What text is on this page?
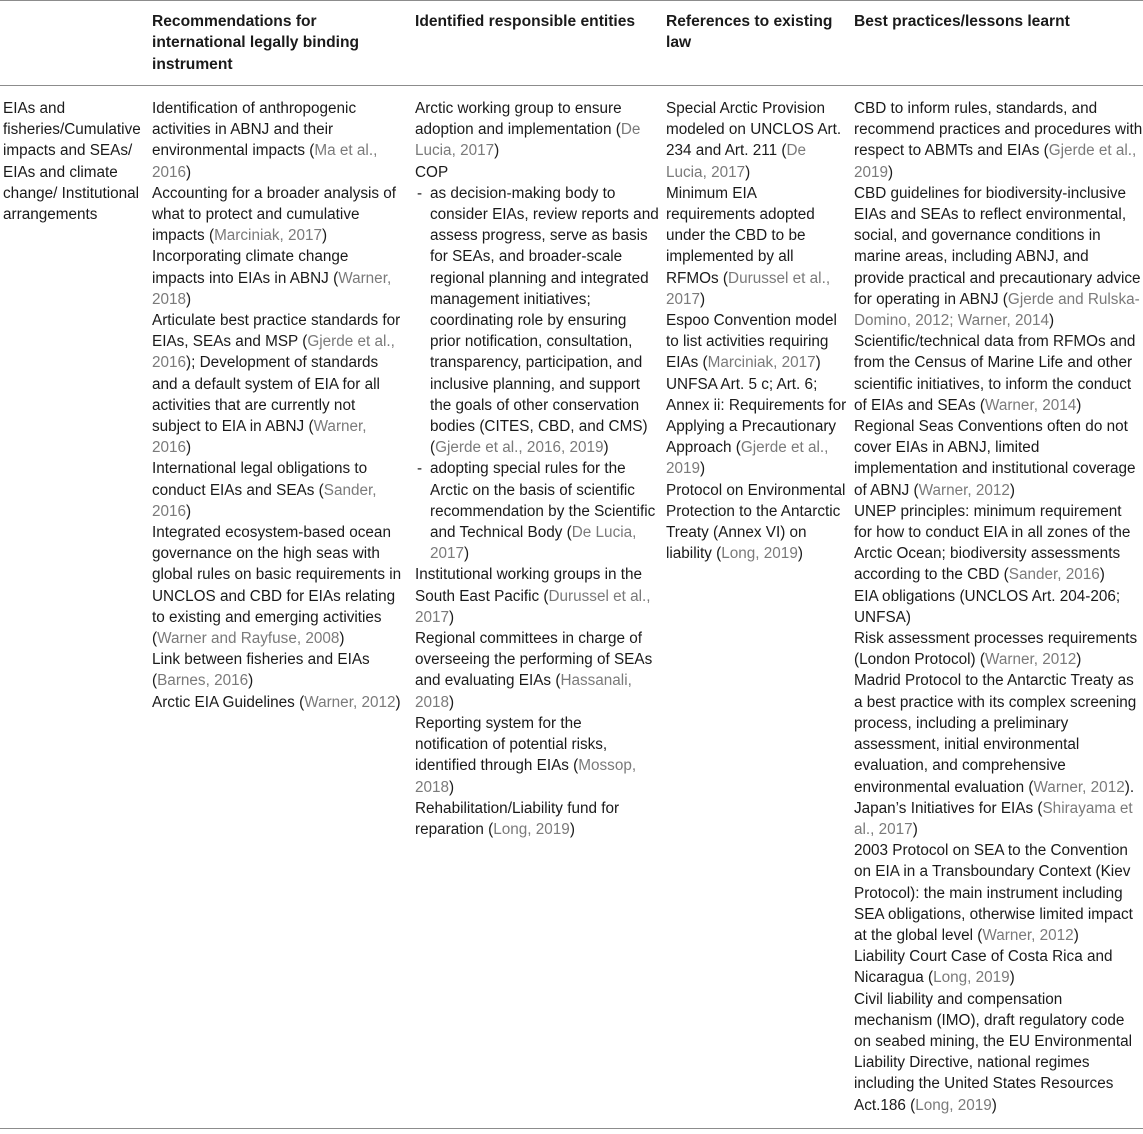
Recommendations for international legally binding instrument
Identified responsible entities	References to existing law
Best practices/lessons learnt
EIAs and fisheries/Cumulative impacts and SEAs/ EIAs and climate change/ Institutional arrangements
Identification of anthropogenic activities in ABNJ and their environmental impacts (Ma et al., 2016)
Accounting for a broader analysis of what to protect and cumulative impacts (Marciniak, 2017)
Incorporating climate change impacts into EIAs in ABNJ (Warner, 2018)
Articulate best practice standards for EIAs, SEAs and MSP (Gjerde et al., 2016); Development of standards and a default system of EIA for all activities that are currently not subject to EIA in ABNJ (Warner, 2016)
International legal obligations to conduct EIAs and SEAs (Sander, 2016)
Integrated ecosystem-based ocean governance on the high seas with global rules on basic requirements in UNCLOS and CBD for EIAs relating to existing and emerging activities (Warner and Rayfuse, 2008)
Link between fisheries and EIAs (Barnes, 2016)
Arctic EIA Guidelines (Warner, 2012)
Arctic working group to ensure adoption and implementation (De Lucia, 2017)
COP
- as decision-making body to consider EIAs, review reports and assess progress, serve as basis for SEAs, and broader-scale regional planning and integrated management initiatives; coordinating role by ensuring prior notification, consultation, transparency, participation, and inclusive planning, and support the goals of other conservation bodies (CITES, CBD, and CMS) (Gjerde et al., 2016, 2019)
- adopting special rules for the Arctic on the basis of scientific recommendation by the Scientific and Technical Body (De Lucia, 2017)
Institutional working groups in the South East Pacific (Durussel et al., 2017)
Regional committees in charge of overseeing the performing of SEAs and evaluating EIAs (Hassanali, 2018)
Reporting system for the notification of potential risks, identified through EIAs (Mossop, 2018)
Rehabilitation/Liability fund for reparation (Long, 2019)
Special Arctic Provision modeled on UNCLOS Art. 234 and Art. 211 (De Lucia, 2017)
Minimum EIA requirements adopted under the CBD to be implemented by all RFMOs (Durussel et al., 2017)
Espoo Convention model to list activities requiring EIAs (Marciniak, 2017)
UNFSA Art. 5 c; Art. 6; Annex ii: Requirements for Applying a Precautionary Approach (Gjerde et al., 2019)
Protocol on Environmental Protection to the Antarctic Treaty (Annex VI) on liability (Long, 2019)
CBD to inform rules, standards, and recommend practices and procedures with respect to ABMTs and EIAs (Gjerde et al., 2019)
CBD guidelines for biodiversity-inclusive EIAs and SEAs to reflect environmental, social, and governance conditions in marine areas, including ABNJ, and provide practical and precautionary advice for operating in ABNJ (Gjerde and Rulska-Domino, 2012; Warner, 2014)
Scientific/technical data from RFMOs and from the Census of Marine Life and other scientific initiatives, to inform the conduct of EIAs and SEAs (Warner, 2014)
Regional Seas Conventions often do not cover EIAs in ABNJ, limited implementation and institutional coverage of ABNJ (Warner, 2012)
UNEP principles: minimum requirement for how to conduct EIA in all zones of the Arctic Ocean; biodiversity assessments according to the CBD (Sander, 2016)
EIA obligations (UNCLOS Art. 204-206; UNFSA)
Risk assessment processes requirements (London Protocol) (Warner, 2012)
Madrid Protocol to the Antarctic Treaty as a best practice with its complex screening process, including a preliminary assessment, initial environmental evaluation, and comprehensive environmental evaluation (Warner, 2012).
Japan’s Initiatives for EIAs (Shirayama et al., 2017)
2003 Protocol on SEA to the Convention on EIA in a Transboundary Context (Kiev Protocol): the main instrument including SEA obligations, otherwise limited impact at the global level (Warner, 2012)
Liability Court Case of Costa Rica and Nicaragua (Long, 2019)
Civil liability and compensation mechanism (IMO), draft regulatory code on seabed mining, the EU Environmental Liability Directive, national regimes including the United States Resources Act.186 (Long, 2019)
